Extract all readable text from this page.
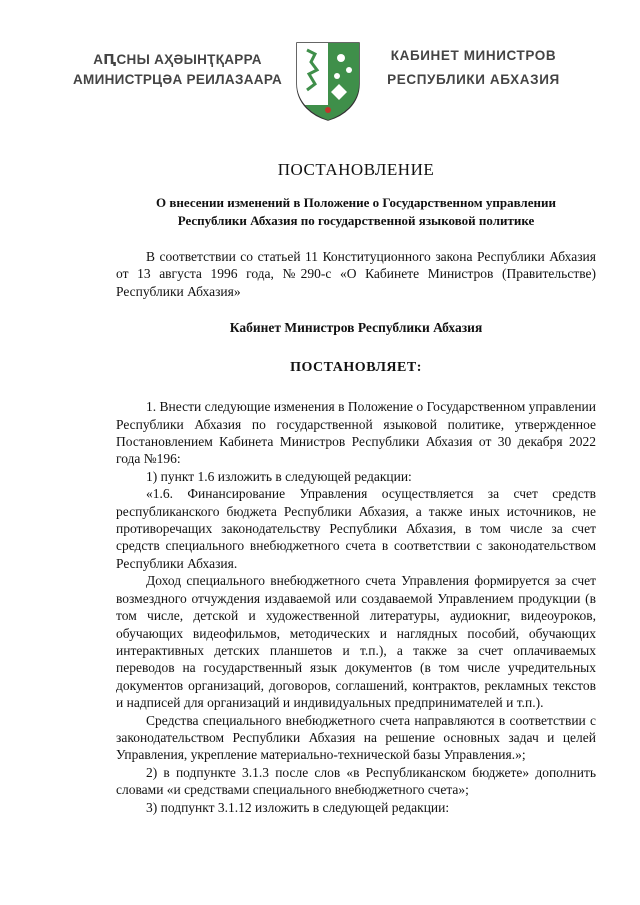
АԤСНЫ АҲӘЫНҬҚАРРА
АМИНИСТРЦӘА РЕИЛАЗААРА
КАБИНЕТ МИНИСТРОВ
РЕСПУБЛИКИ АБХАЗИЯ
ПОСТАНОВЛЕНИЕ
О внесении изменений в Положение о Государственном управлении
Республики Абхазия по государственной языковой политике

В соответствии со статьей 11 Конституционного закона Республики Абхазия от 13 августа 1996 года, №290-с «О Кабинете Министров (Правительстве) Республики Абхазия»

Кабинет Министров Республики Абхазия
ПОСТАНОВЛЯЕТ:

1. Внести следующие изменения в Положение о Государственном управлении Республики Абхазия по государственной языковой политике, утвержденное Постановлением Кабинета Министров Республики Абхазия от 30 декабря 2022 года №196:

1) пункт 1.6 изложить в следующей редакции:

«1.6. Финансирование Управления осуществляется за счет средств республиканского бюджета Республики Абхазия, а также иных источников, не противоречащих законодательству Республики Абхазия, в том числе за счет средств специального внебюджетного счета в соответствии с законодательством Республики Абхазия.

Доход специального внебюджетного счета Управления формируется за счет возмездного отчуждения издаваемой или создаваемой Управлением продукции (в том числе, детской и художественной литературы, аудиокниг, видеоуроков, обучающих видеофильмов, методических и наглядных пособий, обучающих интерактивных детских планшетов и т.п.), а также за счет оплачиваемых переводов на государственный язык документов (в том числе учредительных документов организаций, договоров, соглашений, контрактов, рекламных текстов и надписей для организаций и индивидуальных предпринимателей и т.п.).

Средства специального внебюджетного счета направляются в соответствии с законодательством Республики Абхазия на решение основных задач и целей Управления, укрепление материально-технической базы Управления.»;

2) в подпункте 3.1.3 после слов «в Республиканском бюджете» дополнить словами «и средствами специального внебюджетного счета»;

3) подпункт 3.1.12 изложить в следующей редакции:
